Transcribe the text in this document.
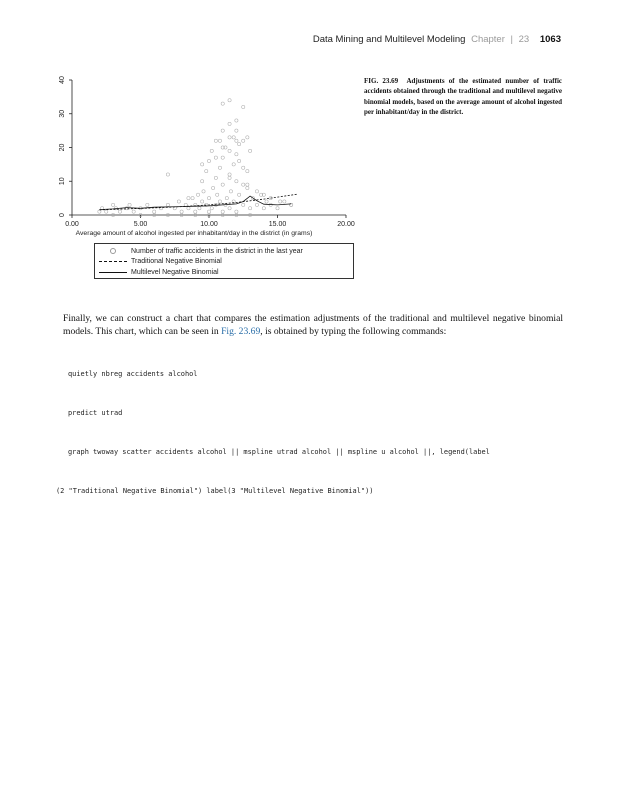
Data Mining and Multilevel Modeling Chapter | 23 1063
0
10
20
30
40
0.00	5.00	10.00	15.00	20.00
Average amount of alcohol ingested per inhabitant/day in the district (in grams)
Number of traffic accidents in the district in the last year
Traditional Negative Binomial
Multilevel Negative Binomial
FIG. 23.69 Adjustments of the estimated number of traffic accidents obtained through the traditional and multilevel negative binomial models, based on the average amount of alcohol ingested per inhabitant/day in the district.

Finally, we can construct a chart that compares the estimation adjustments of the traditional and multilevel negative binomial models. This chart, which can be seen in Fig. 23.69, is obtained by typing the following commands:

quietly nbreg accidents alcohol

predict utrad

graph twoway scatter accidents alcohol || mspline utrad alcohol || mspline u alcohol ||, legend(label

(2 "Traditional Negative Binomial") label(3 "Multilevel Negative Binomial"))
